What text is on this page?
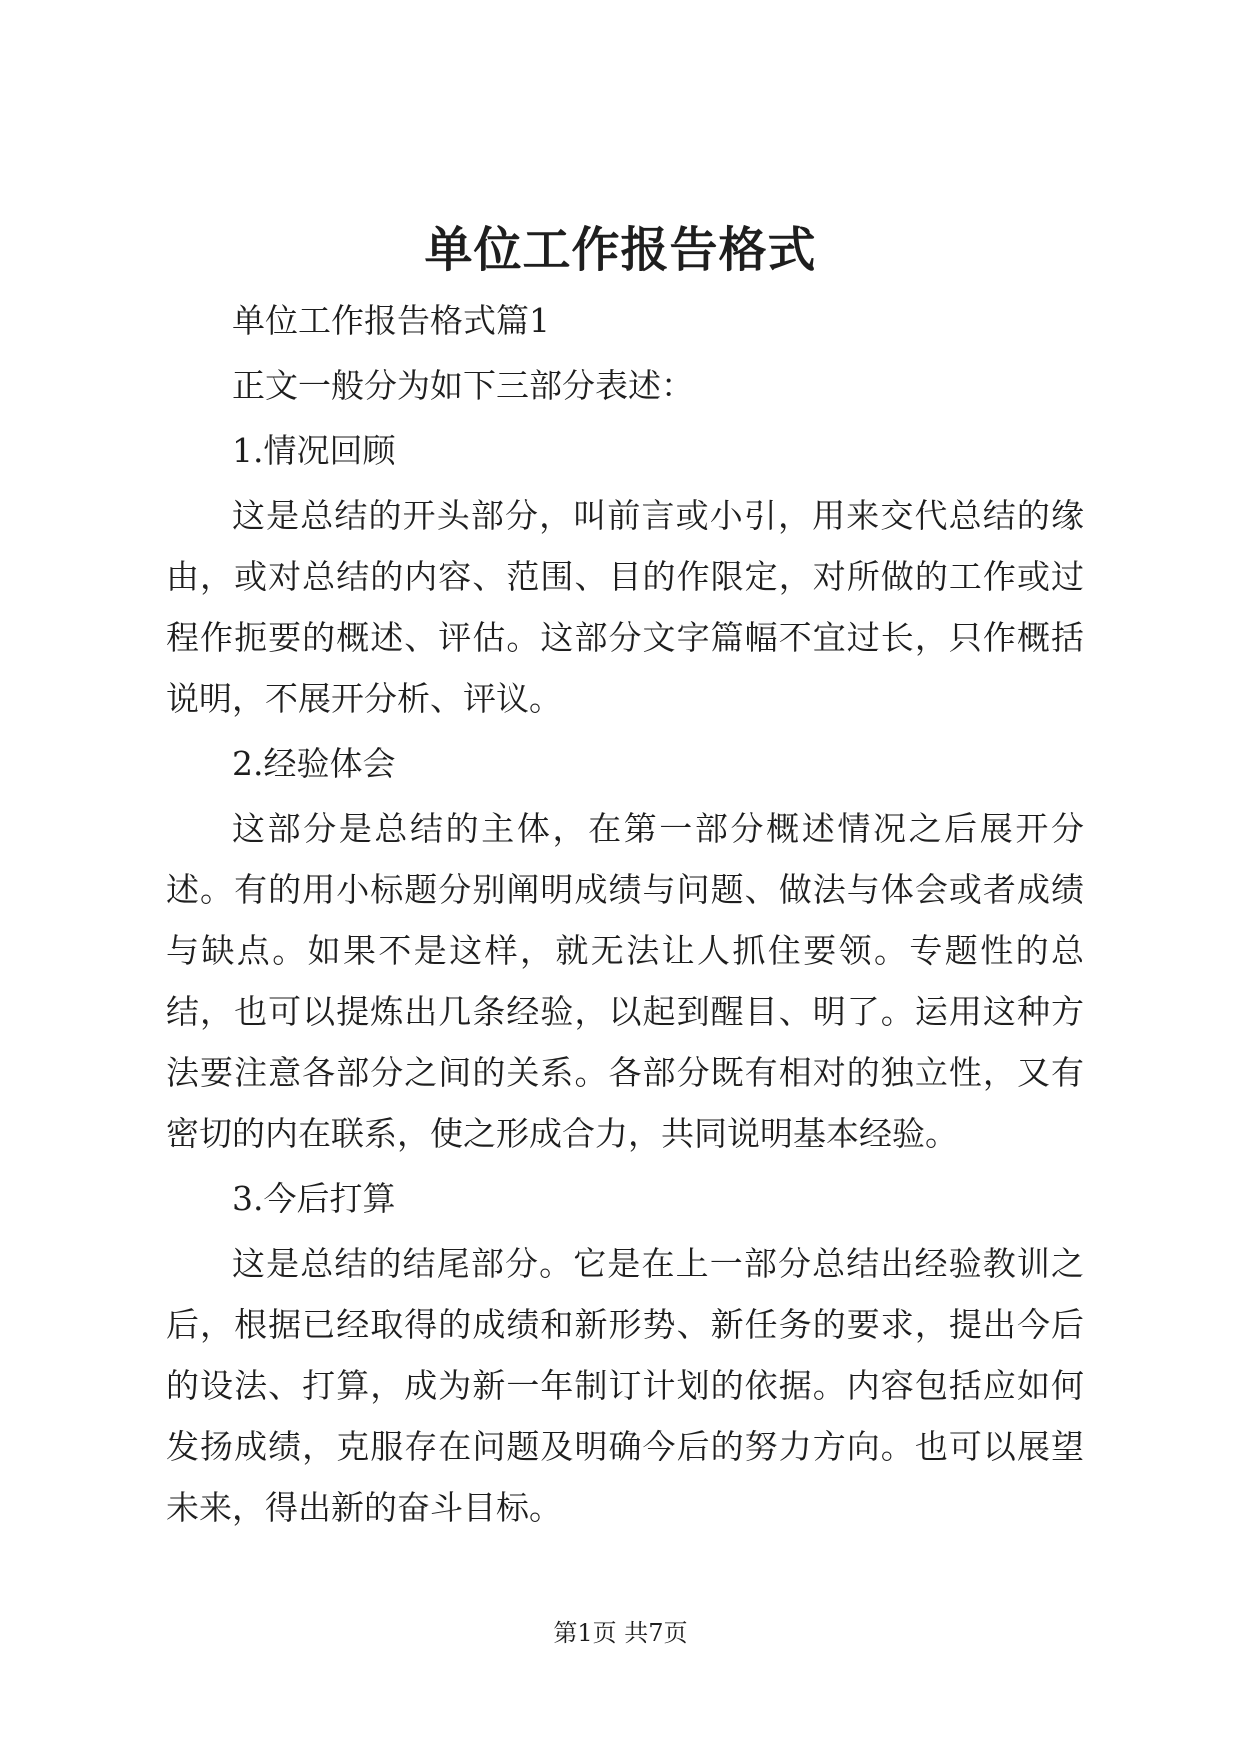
单位工作报告格式

单位工作报告格式篇1

正文一般分为如下三部分表述：

1.情况回顾

这是总结的开头部分，叫前言或小引，用来交代总结的缘由，或对总结的内容、范围、目的作限定，对所做的工作或过程作扼要的概述、评估。这部分文字篇幅不宜过长，只作概括说明，不展开分析、评议。

2.经验体会

这部分是总结的主体，在第一部分概述情况之后展开分述。有的用小标题分别阐明成绩与问题、做法与体会或者成绩与缺点。如果不是这样，就无法让人抓住要领。专题性的总结，也可以提炼出几条经验，以起到醒目、明了。运用这种方法要注意各部分之间的关系。各部分既有相对的独立性，又有密切的内在联系，使之形成合力，共同说明基本经验。

3.今后打算

这是总结的结尾部分。它是在上一部分总结出经验教训之后，根据已经取得的成绩和新形势、新任务的要求，提出今后的设法、打算，成为新一年制订计划的依据。内容包括应如何发扬成绩，克服存在问题及明确今后的努力方向。也可以展望未来，得出新的奋斗目标。

第1页 共7页
